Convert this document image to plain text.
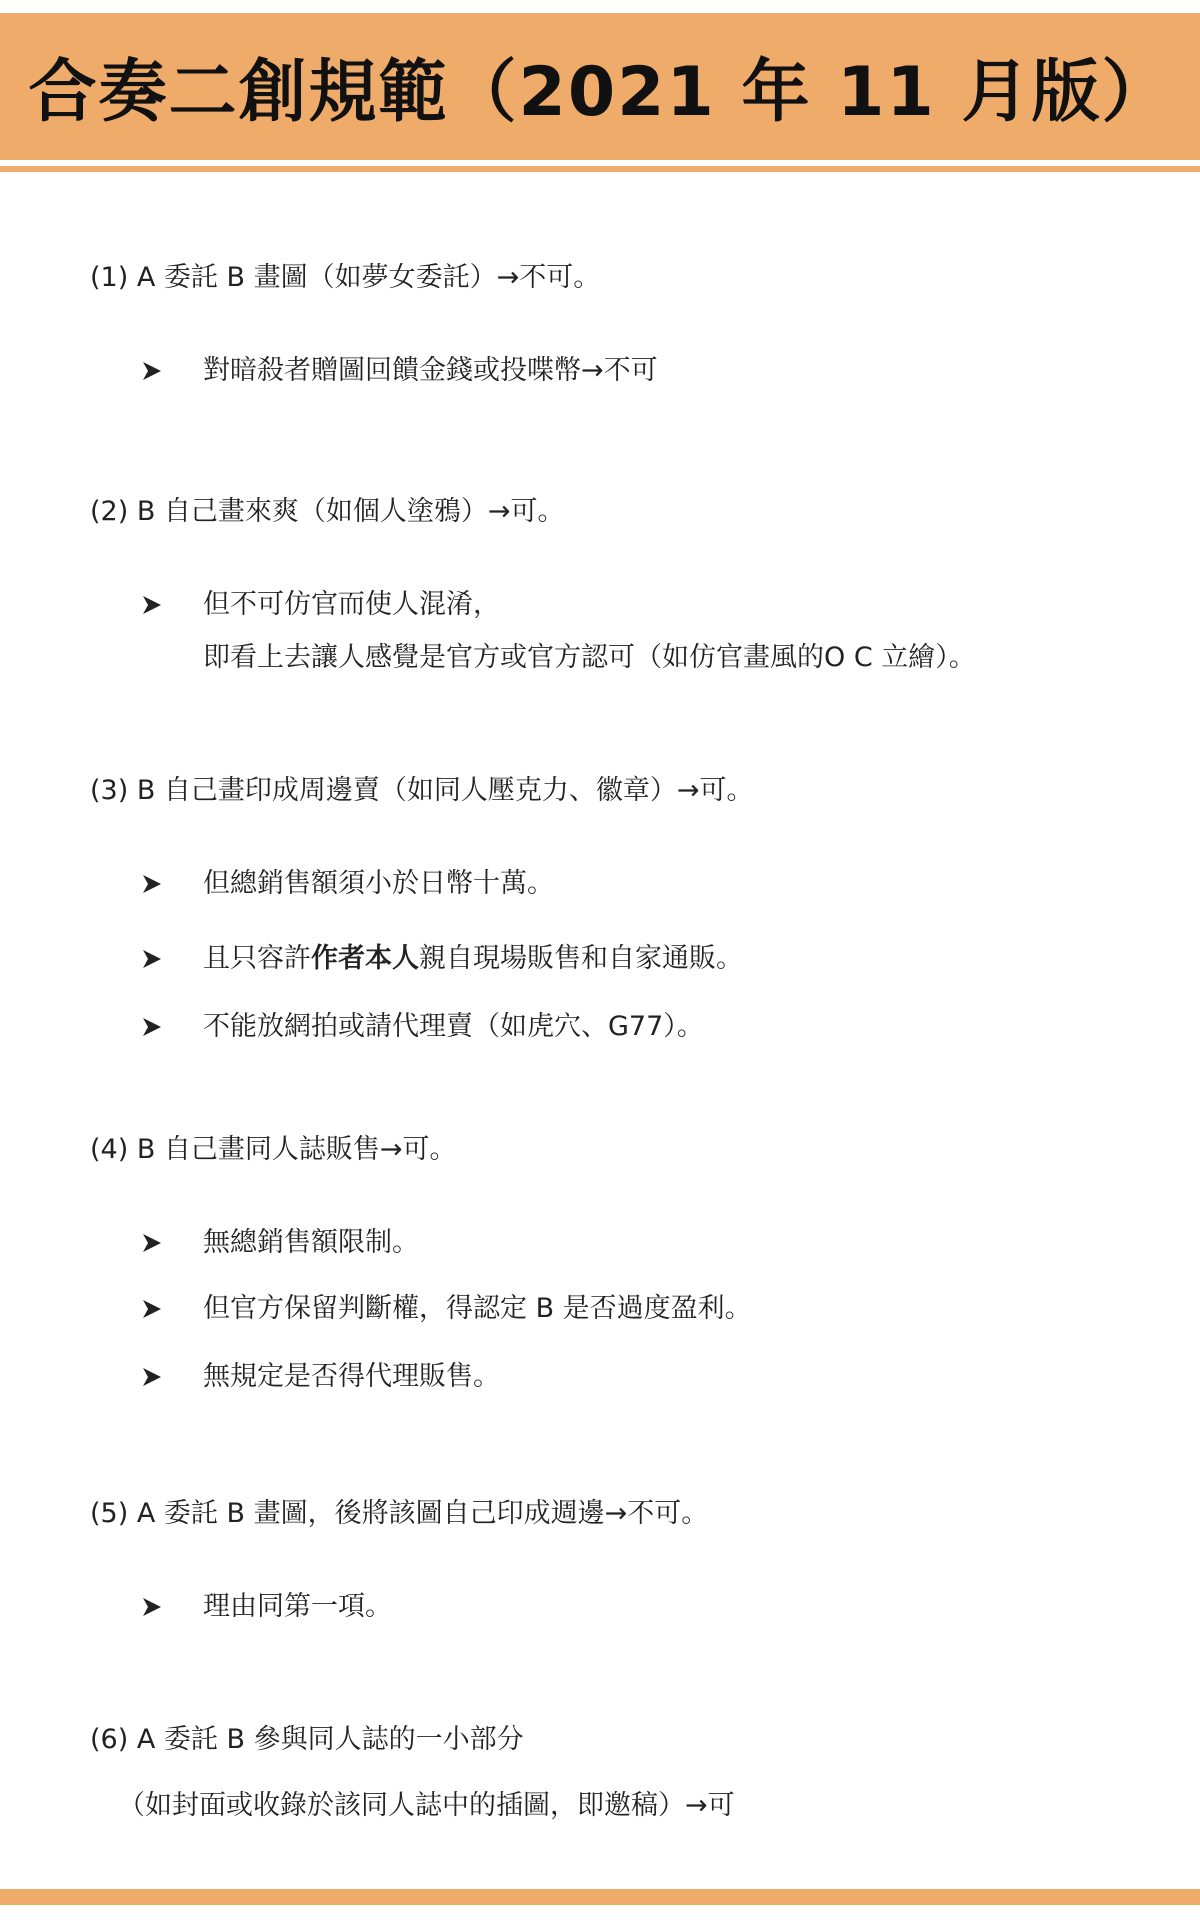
合奏二創規範（2021 年 11 月版）
(1) A 委託 B 畫圖（如夢女委託）→不可。
對暗殺者贈圖回饋金錢或投喋幣→不可
(2) B 自己畫來爽（如個人塗鴉）→可。
但不可仿官而使人混淆，
即看上去讓人感覺是官方或官方認可（如仿官畫風的O C 立繪）。
(3) B 自己畫印成周邊賣（如同人壓克力、徽章）→可。
但總銷售額須小於日幣十萬。
且只容許作者本人親自現場販售和自家通販。
不能放網拍或請代理賣（如虎穴、G77）。
(4) B 自己畫同人誌販售→可。
無總銷售額限制。
但官方保留判斷權，得認定 B 是否過度盈利。
無規定是否得代理販售。
(5) A 委託 B 畫圖，後將該圖自己印成週邊→不可。
理由同第一項。
(6) A 委託 B 參與同人誌的一小部分
（如封面或收錄於該同人誌中的插圖，即邀稿）→可
